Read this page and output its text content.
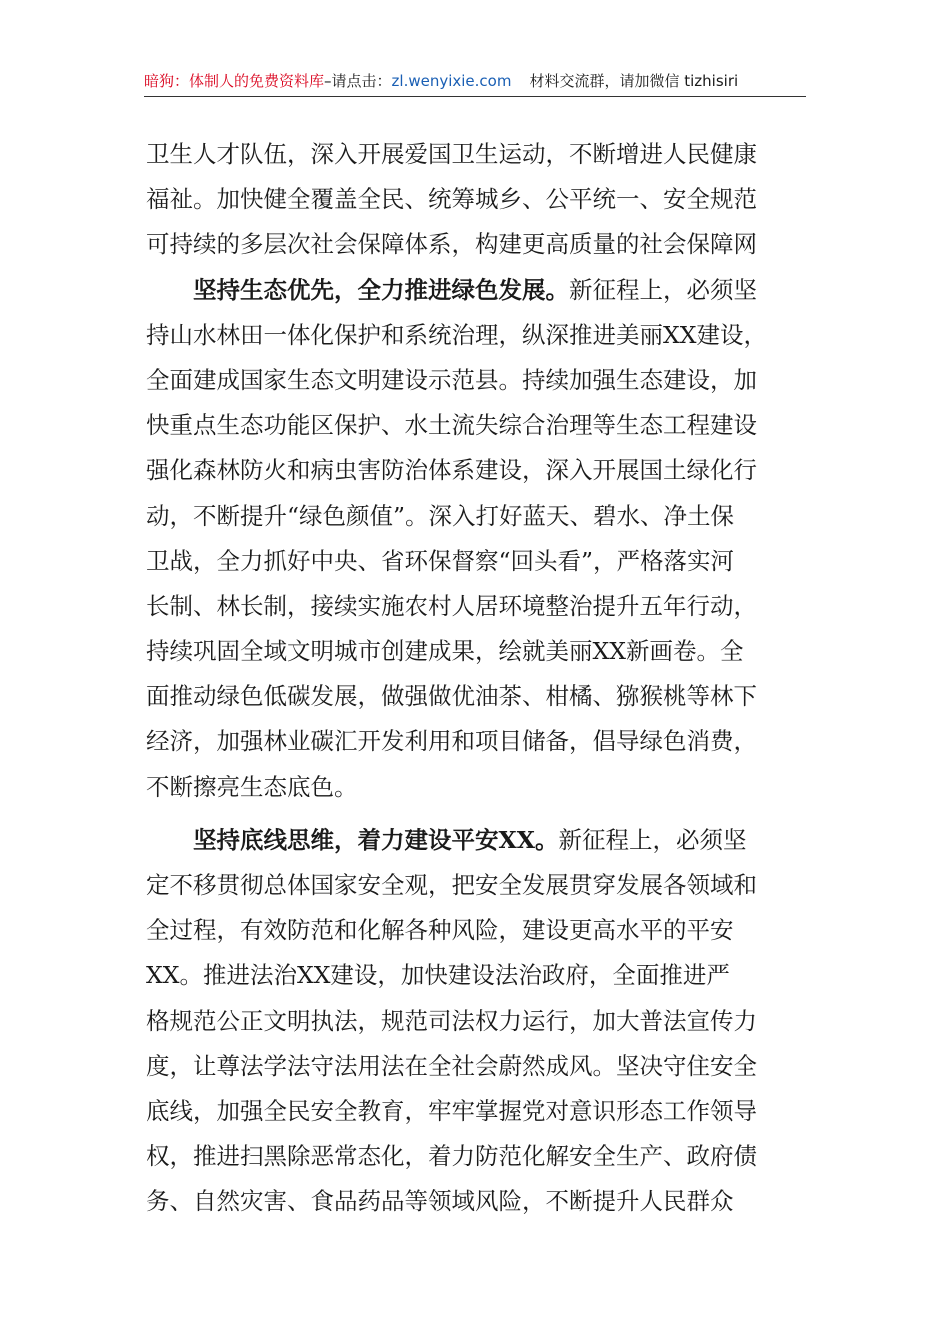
暗狗：体制人的免费资料库–请点击：zl.wenyixie.com 材料交流群，请加微信 tizhisiri
卫生人才队伍，深入开展爱国卫生运动，不断增进人民健康
福祉。加快健全覆盖全民、统筹城乡、公平统一、安全规范
可持续的多层次社会保障体系，构建更高质量的社会保障网
坚持生态优先，全力推进绿色发展。新征程上，必须坚
持山水林田一体化保护和系统治理，纵深推进美丽XX建设，
全面建成国家生态文明建设示范县。持续加强生态建设，加
快重点生态功能区保护、水土流失综合治理等生态工程建设
强化森林防火和病虫害防治体系建设，深入开展国土绿化行
动，不断提升“绿色颜值”。深入打好蓝天、碧水、净土保
卫战，全力抓好中央、省环保督察“回头看”，严格落实河
长制、林长制，接续实施农村人居环境整治提升五年行动，
持续巩固全域文明城市创建成果，绘就美丽XX新画卷。全
面推动绿色低碳发展，做强做优油茶、柑橘、猕猴桃等林下
经济，加强林业碳汇开发利用和项目储备，倡导绿色消费，
不断擦亮生态底色。
坚持底线思维，着力建设平安XX。新征程上，必须坚
定不移贯彻总体国家安全观，把安全发展贯穿发展各领域和
全过程，有效防范和化解各种风险，建设更高水平的平安
XX。推进法治XX建设，加快建设法治政府，全面推进严
格规范公正文明执法，规范司法权力运行，加大普法宣传力
度，让尊法学法守法用法在全社会蔚然成风。坚决守住安全
底线，加强全民安全教育，牢牢掌握党对意识形态工作领导
权，推进扫黑除恶常态化，着力防范化解安全生产、政府债
务、自然灾害、食品药品等领域风险，不断提升人民群众
